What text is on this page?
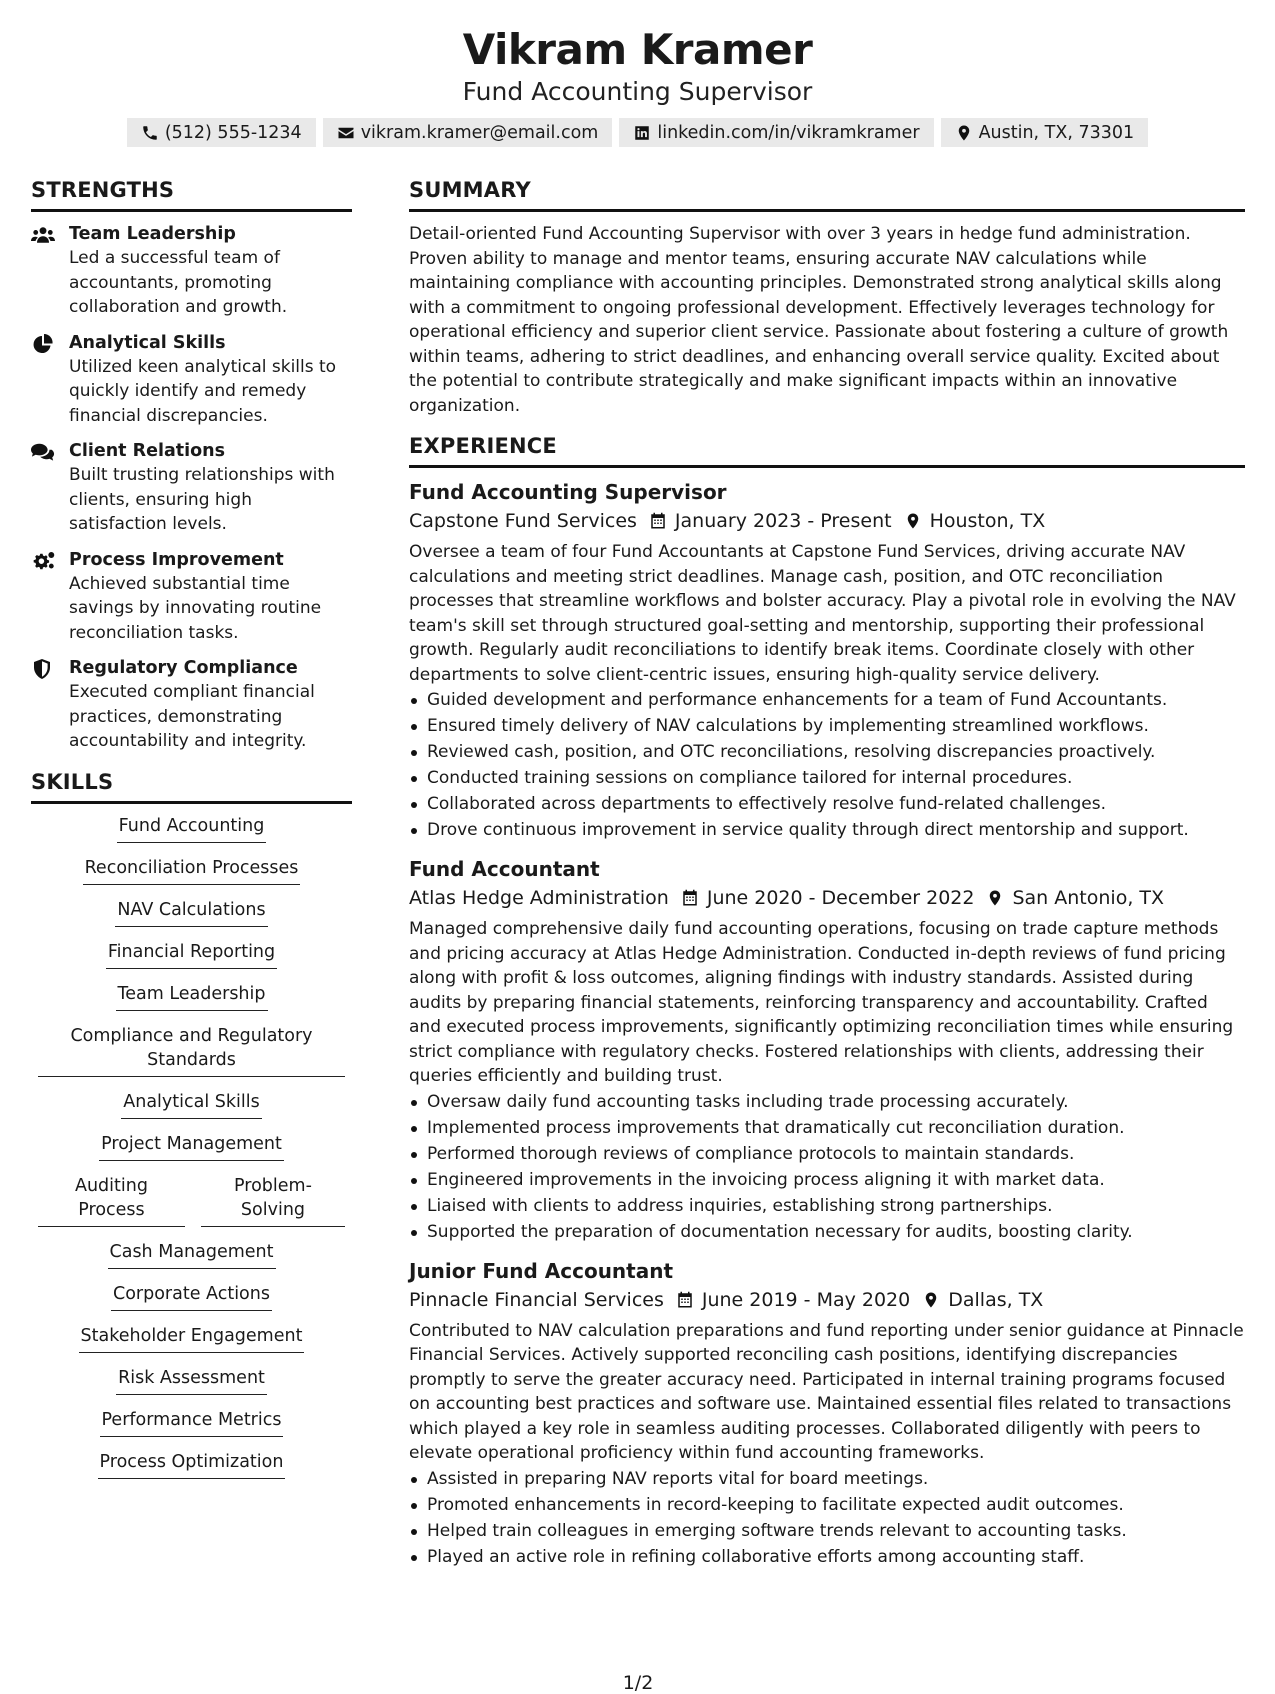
Vikram Kramer
Fund Accounting Supervisor
(512) 555-1234	vikram.kramer@email.com	linkedin.com/in/vikramkramer	Austin, TX, 73301
STRENGTHS
Team Leadership
Led a successful team of accountants, promoting collaboration and growth.
Analytical Skills
Utilized keen analytical skills to quickly identify and remedy financial discrepancies.
Client Relations
Built trusting relationships with clients, ensuring high satisfaction levels.
Process Improvement
Achieved substantial time savings by innovating routine reconciliation tasks.
Regulatory Compliance
Executed compliant financial practices, demonstrating accountability and integrity.
SKILLS
Fund Accounting
Reconciliation Processes
NAV Calculations
Financial Reporting
Team Leadership
Compliance and Regulatory Standards
Analytical Skills
Project Management
Auditing Process
Problem-Solving
Cash Management
Corporate Actions
Stakeholder Engagement
Risk Assessment
Performance Metrics
Process Optimization
SUMMARY
Detail-oriented Fund Accounting Supervisor with over 3 years in hedge fund administration. Proven ability to manage and mentor teams, ensuring accurate NAV calculations while maintaining compliance with accounting principles. Demonstrated strong analytical skills along with a commitment to ongoing professional development. Effectively leverages technology for operational efficiency and superior client service. Passionate about fostering a culture of growth within teams, adhering to strict deadlines, and enhancing overall service quality. Excited about the potential to contribute strategically and make significant impacts within an innovative organization.
EXPERIENCE
Fund Accounting Supervisor
Capstone Fund Services January 2023 - Present Houston, TX
Oversee a team of four Fund Accountants at Capstone Fund Services, driving accurate NAV calculations and meeting strict deadlines. Manage cash, position, and OTC reconciliation processes that streamline workflows and bolster accuracy. Play a pivotal role in evolving the NAV team's skill set through structured goal-setting and mentorship, supporting their professional growth. Regularly audit reconciliations to identify break items. Coordinate closely with other departments to solve client-centric issues, ensuring high-quality service delivery.
Guided development and performance enhancements for a team of Fund Accountants.
Ensured timely delivery of NAV calculations by implementing streamlined workflows.
Reviewed cash, position, and OTC reconciliations, resolving discrepancies proactively.
Conducted training sessions on compliance tailored for internal procedures.
Collaborated across departments to effectively resolve fund-related challenges.
Drove continuous improvement in service quality through direct mentorship and support.
Fund Accountant
Atlas Hedge Administration June 2020 - December 2022 San Antonio, TX
Managed comprehensive daily fund accounting operations, focusing on trade capture methods and pricing accuracy at Atlas Hedge Administration. Conducted in-depth reviews of fund pricing along with profit & loss outcomes, aligning findings with industry standards. Assisted during audits by preparing financial statements, reinforcing transparency and accountability. Crafted and executed process improvements, significantly optimizing reconciliation times while ensuring strict compliance with regulatory checks. Fostered relationships with clients, addressing their queries efficiently and building trust.
Oversaw daily fund accounting tasks including trade processing accurately.
Implemented process improvements that dramatically cut reconciliation duration.
Performed thorough reviews of compliance protocols to maintain standards.
Engineered improvements in the invoicing process aligning it with market data.
Liaised with clients to address inquiries, establishing strong partnerships.
Supported the preparation of documentation necessary for audits, boosting clarity.
Junior Fund Accountant
Pinnacle Financial Services June 2019 - May 2020 Dallas, TX
Contributed to NAV calculation preparations and fund reporting under senior guidance at Pinnacle Financial Services. Actively supported reconciling cash positions, identifying discrepancies promptly to serve the greater accuracy need. Participated in internal training programs focused on accounting best practices and software use. Maintained essential files related to transactions which played a key role in seamless auditing processes. Collaborated diligently with peers to elevate operational proficiency within fund accounting frameworks.
Assisted in preparing NAV reports vital for board meetings.
Promoted enhancements in record-keeping to facilitate expected audit outcomes.
Helped train colleagues in emerging software trends relevant to accounting tasks.
Played an active role in refining collaborative efforts among accounting staff.
1/2
